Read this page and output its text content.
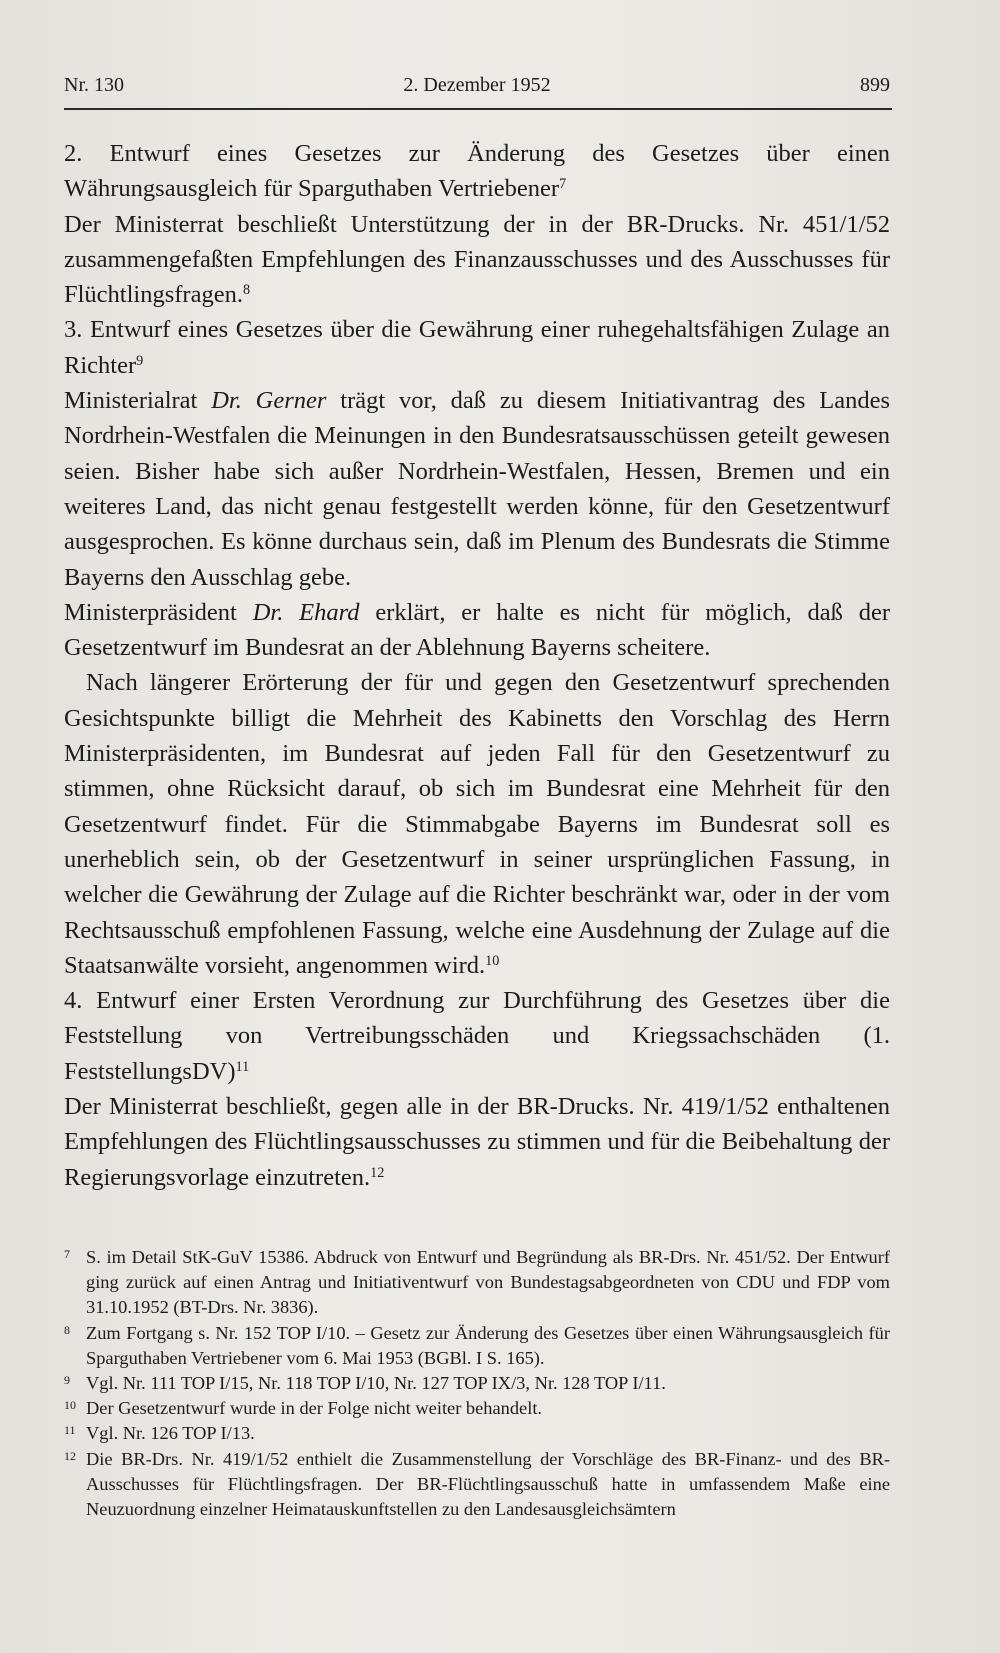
Nr. 130	2. Dezember 1952	899

2. Entwurf eines Gesetzes zur Änderung des Gesetzes über einen Währungsausgleich für Sparguthaben Vertriebener$^7$

Der Ministerrat beschließt Unterstützung der in der BR-Drucks. Nr. 451/1/52 zusammengefaßten Empfehlungen des Finanzausschusses und des Ausschusses für Flüchtlingsfragen.$^8$

3. Entwurf eines Gesetzes über die Gewährung einer ruhegehaltsfähigen Zulage an Richter$^9$

Ministerialrat Dr. Gerner trägt vor, daß zu diesem Initiativantrag des Landes Nordrhein-Westfalen die Meinungen in den Bundesratsausschüssen geteilt gewesen seien. Bisher habe sich außer Nordrhein-Westfalen, Hessen, Bremen und ein weiteres Land, das nicht genau festgestellt werden könne, für den Gesetzentwurf ausgesprochen. Es könne durchaus sein, daß im Plenum des Bundesrats die Stimme Bayerns den Ausschlag gebe.

Ministerpräsident Dr. Ehard erklärt, er halte es nicht für möglich, daß der Gesetzentwurf im Bundesrat an der Ablehnung Bayerns scheitere.

Nach längerer Erörterung der für und gegen den Gesetzentwurf sprechenden Gesichtspunkte billigt die Mehrheit des Kabinetts den Vorschlag des Herrn Ministerpräsidenten, im Bundesrat auf jeden Fall für den Gesetzentwurf zu stimmen, ohne Rücksicht darauf, ob sich im Bundesrat eine Mehrheit für den Gesetzentwurf findet. Für die Stimmabgabe Bayerns im Bundesrat soll es unerheblich sein, ob der Gesetzentwurf in seiner ursprünglichen Fassung, in welcher die Gewährung der Zulage auf die Richter beschränkt war, oder in der vom Rechtsausschuß empfohlenen Fassung, welche eine Ausdehnung der Zulage auf die Staatsanwälte vorsieht, angenommen wird.$^{10}$

4. Entwurf einer Ersten Verordnung zur Durchführung des Gesetzes über die Feststellung von Vertreibungsschäden und Kriegssachschäden (1. FeststellungsDV)$^{11}$

Der Ministerrat beschließt, gegen alle in der BR-Drucks. Nr. 419/1/52 enthaltenen Empfehlungen des Flüchtlingsausschusses zu stimmen und für die Beibehaltung der Regierungsvorlage einzutreten.$^{12}$

7 S. im Detail StK-GuV 15386. Abdruck von Entwurf und Begründung als BR-Drs. Nr. 451/52. Der Entwurf ging zurück auf einen Antrag und Initiativentwurf von Bundestagsabgeordneten von CDU und FDP vom 31.10.1952 (BT-Drs. Nr. 3836).

8 Zum Fortgang s. Nr. 152 TOP I/10. – Gesetz zur Änderung des Gesetzes über einen Währungsausgleich für Sparguthaben Vertriebener vom 6. Mai 1953 (BGBl. I S. 165).

9 Vgl. Nr. 111 TOP I/15, Nr. 118 TOP I/10, Nr. 127 TOP IX/3, Nr. 128 TOP I/11.

10 Der Gesetzentwurf wurde in der Folge nicht weiter behandelt.

11 Vgl. Nr. 126 TOP I/13.

12 Die BR-Drs. Nr. 419/1/52 enthielt die Zusammenstellung der Vorschläge des BR-Finanz- und des BR-Ausschusses für Flüchtlingsfragen. Der BR-Flüchtlingsausschuß hatte in umfassendem Maße eine Neuzuordnung einzelner Heimatauskunftstellen zu den Landesausgleichsämtern
